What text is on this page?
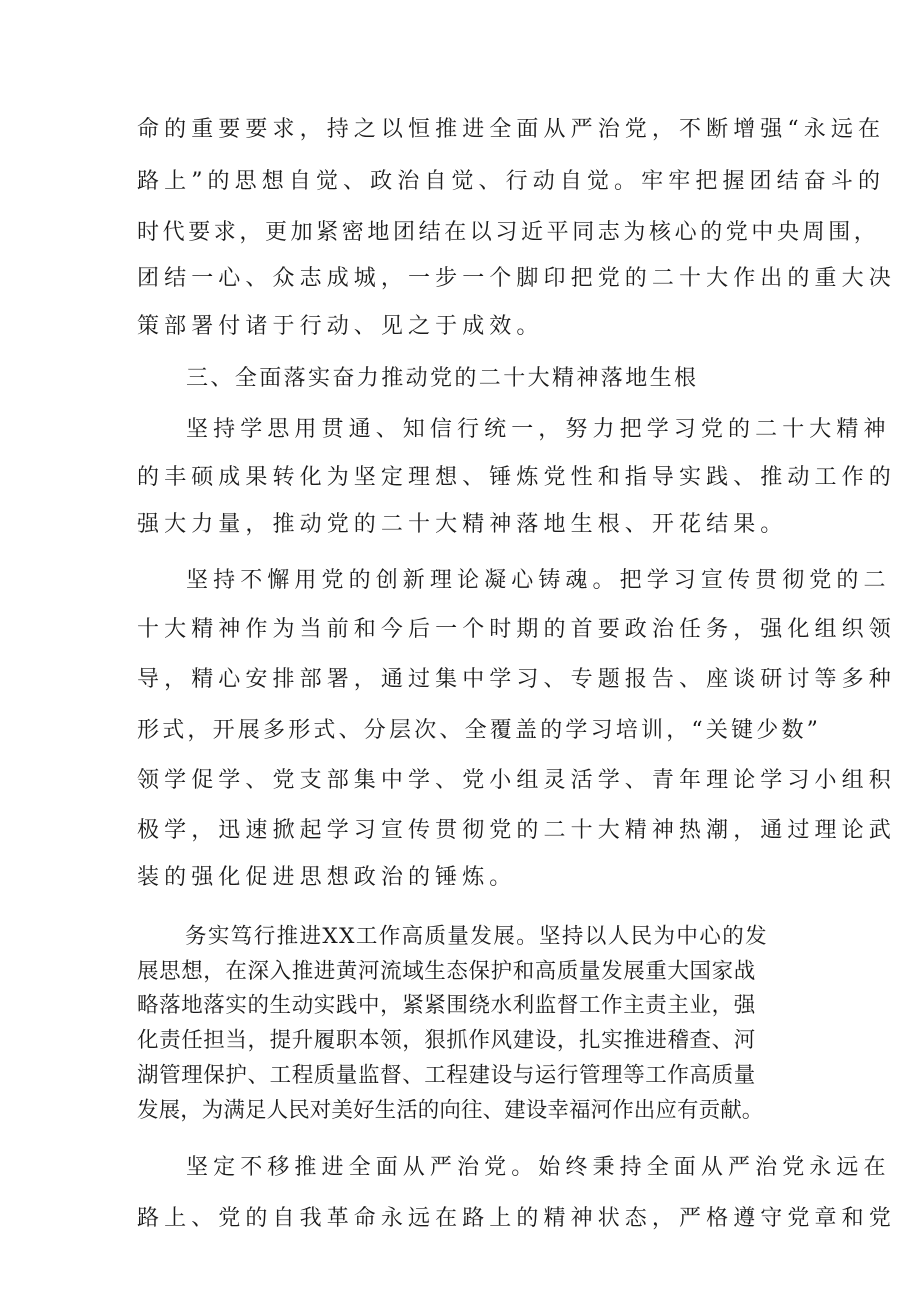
命的重要要求，持之以恒推进全面从严治党，不断增强“永远在

路上”的思想自觉、政治自觉、行动自觉。牢牢把握团结奋斗的

时代要求，更加紧密地团结在以习近平同志为核心的党中央周围，

团结一心、众志成城，一步一个脚印把党的二十大作出的重大决

策部署付诸于行动、见之于成效。

三、全面落实奋力推动党的二十大精神落地生根

坚持学思用贯通、知信行统一，努力把学习党的二十大精神

的丰硕成果转化为坚定理想、锤炼党性和指导实践、推动工作的

强大力量，推动党的二十大精神落地生根、开花结果。

坚持不懈用党的创新理论凝心铸魂。把学习宣传贯彻党的二

十大精神作为当前和今后一个时期的首要政治任务，强化组织领

导，精心安排部署，通过集中学习、专题报告、座谈研讨等多种

形式，开展多形式、分层次、全覆盖的学习培训，“关键少数”

领学促学、党支部集中学、党小组灵活学、青年理论学习小组积

极学，迅速掀起学习宣传贯彻党的二十大精神热潮，通过理论武

装的强化促进思想政治的锤炼。

务实笃行推进XX工作高质量发展。坚持以人民为中心的发

展思想，在深入推进黄河流域生态保护和高质量发展重大国家战

略落地落实的生动实践中，紧紧围绕水利监督工作主责主业，强

化责任担当，提升履职本领，狠抓作风建设，扎实推进稽查、河

湖管理保护、工程质量监督、工程建设与运行管理等工作高质量

发展，为满足人民对美好生活的向往、建设幸福河作出应有贡献。

坚定不移推进全面从严治党。始终秉持全面从严治党永远在

路上、党的自我革命永远在路上的精神状态，严格遵守党章和党
